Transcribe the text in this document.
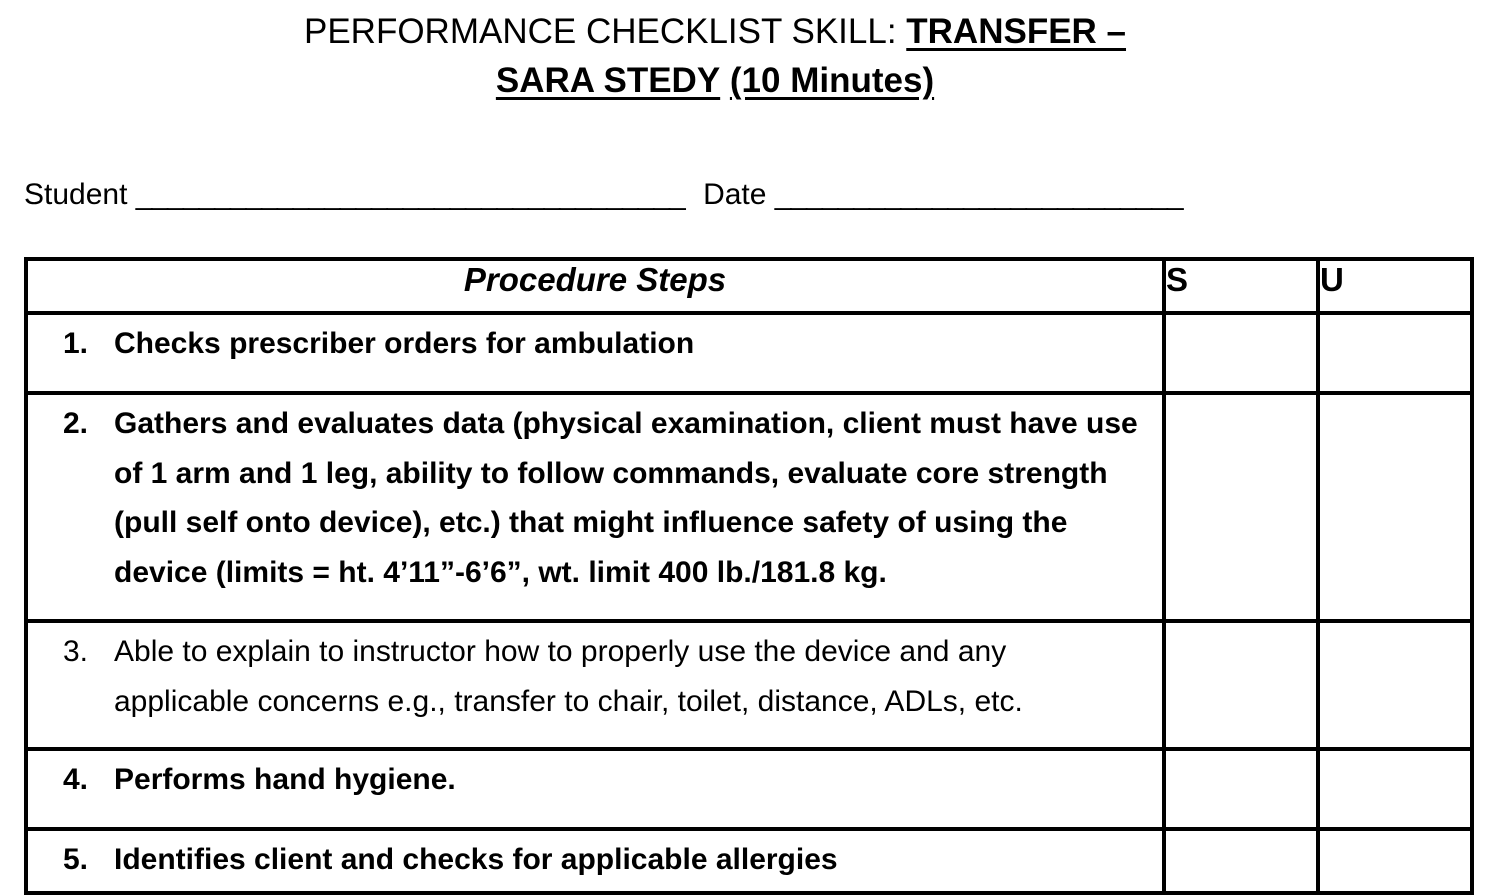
PERFORMANCE CHECKLIST SKILL: TRANSFER –
SARA STEDY (10 Minutes)
Student ___________________________________ Date __________________________
Procedure Steps	S	U

1. Checks prescriber orders for ambulation		

2. Gathers and evaluates data (physical examination, client must have use of 1 arm and 1 leg, ability to follow commands, evaluate core strength (pull self onto device), etc.) that might influence safety of using the device (limits = ht. 4’11”-6’6”, wt. limit 400 lb./181.8 kg.		

3. Able to explain to instructor how to properly use the device and any applicable concerns e.g., transfer to chair, toilet, distance, ADLs, etc.		

4. Performs hand hygiene.		

5. Identifies client and checks for applicable allergies		
